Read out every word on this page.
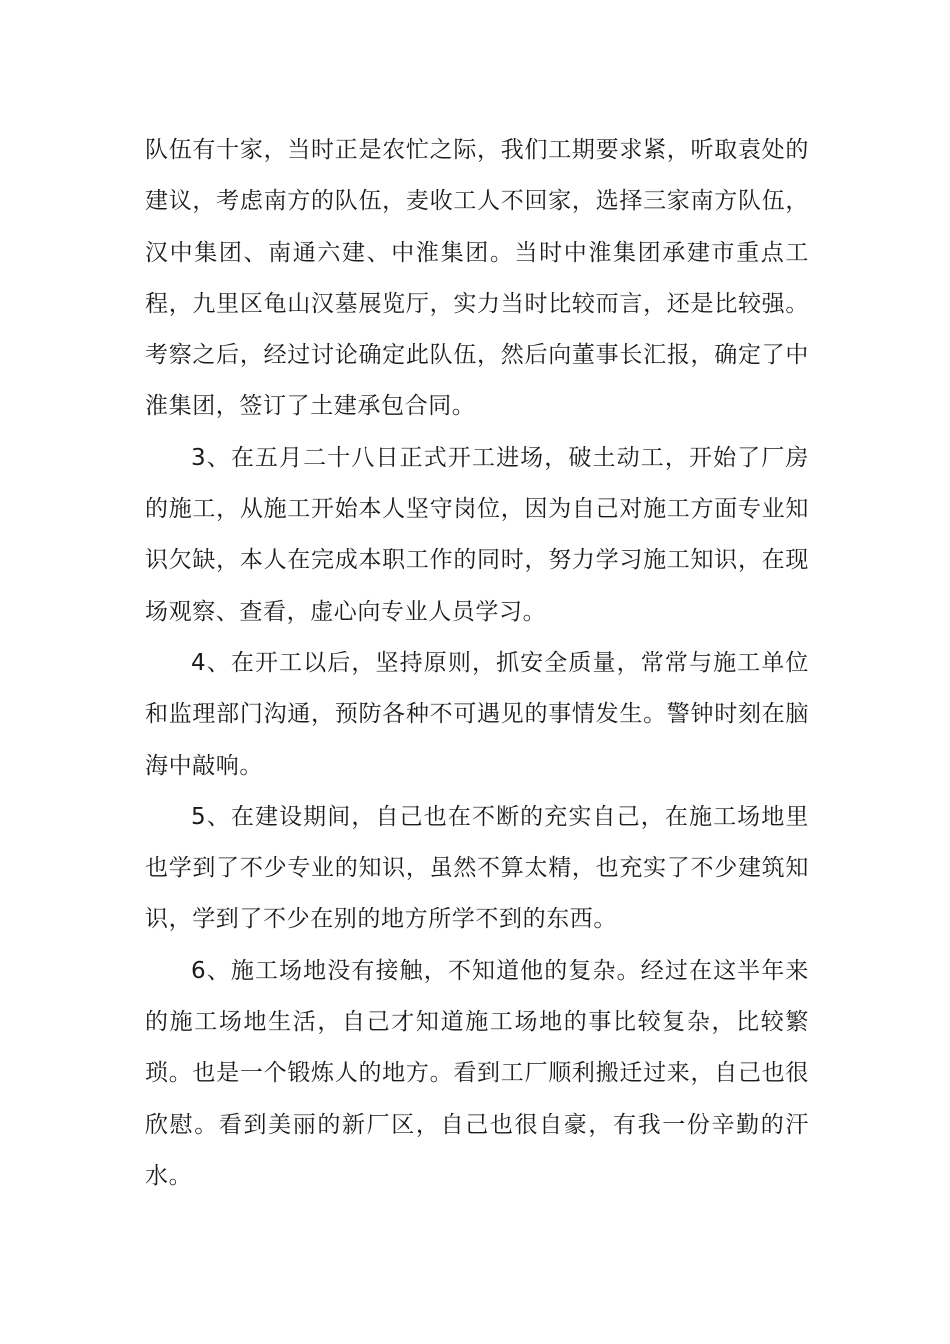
队伍有十家，当时正是农忙之际，我们工期要求紧，听取袁处的建议，考虑南方的队伍，麦收工人不回家，选择三家南方队伍，汉中集团、南通六建、中淮集团。当时中淮集团承建市重点工程，九里区龟山汉墓展览厅，实力当时比较而言，还是比较强。考察之后，经过讨论确定此队伍，然后向董事长汇报，确定了中淮集团，签订了土建承包合同。

3、在五月二十八日正式开工进场，破土动工，开始了厂房的施工，从施工开始本人坚守岗位，因为自己对施工方面专业知识欠缺，本人在完成本职工作的同时，努力学习施工知识，在现场观察、查看，虚心向专业人员学习。

4、在开工以后，坚持原则，抓安全质量，常常与施工单位和监理部门沟通，预防各种不可遇见的事情发生。警钟时刻在脑海中敲响。

5、在建设期间，自己也在不断的充实自己，在施工场地里也学到了不少专业的知识，虽然不算太精，也充实了不少建筑知识，学到了不少在别的地方所学不到的东西。

6、施工场地没有接触，不知道他的复杂。经过在这半年来的施工场地生活，自己才知道施工场地的事比较复杂，比较繁琐。也是一个锻炼人的地方。看到工厂顺利搬迁过来，自己也很欣慰。看到美丽的新厂区，自己也很自豪，有我一份辛勤的汗水。
